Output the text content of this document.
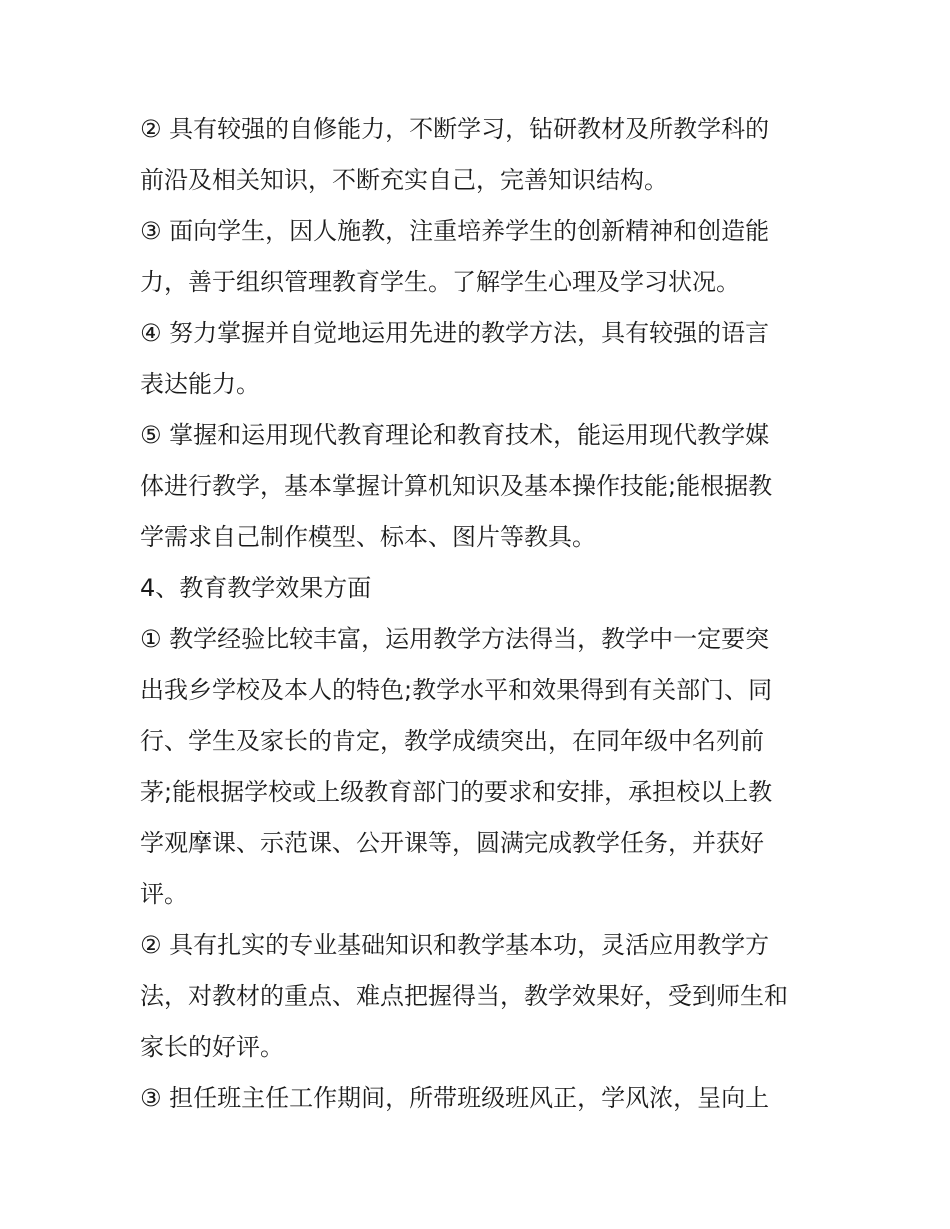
② 具有较强的自修能力，不断学习，钻研教材及所教学科的
前沿及相关知识，不断充实自己，完善知识结构。
③ 面向学生，因人施教，注重培养学生的创新精神和创造能
力，善于组织管理教育学生。了解学生心理及学习状况。
④ 努力掌握并自觉地运用先进的教学方法，具有较强的语言
表达能力。
⑤ 掌握和运用现代教育理论和教育技术，能运用现代教学媒
体进行教学，基本掌握计算机知识及基本操作技能;能根据教
学需求自己制作模型、标本、图片等教具。
4、教育教学效果方面
① 教学经验比较丰富，运用教学方法得当，教学中一定要突
出我乡学校及本人的特色;教学水平和效果得到有关部门、同
行、学生及家长的肯定，教学成绩突出，在同年级中名列前
茅;能根据学校或上级教育部门的要求和安排，承担校以上教
学观摩课、示范课、公开课等，圆满完成教学任务，并获好
评。
② 具有扎实的专业基础知识和教学基本功，灵活应用教学方
法，对教材的重点、难点把握得当，教学效果好，受到师生和
家长的好评。
③ 担任班主任工作期间，所带班级班风正，学风浓，呈向上
